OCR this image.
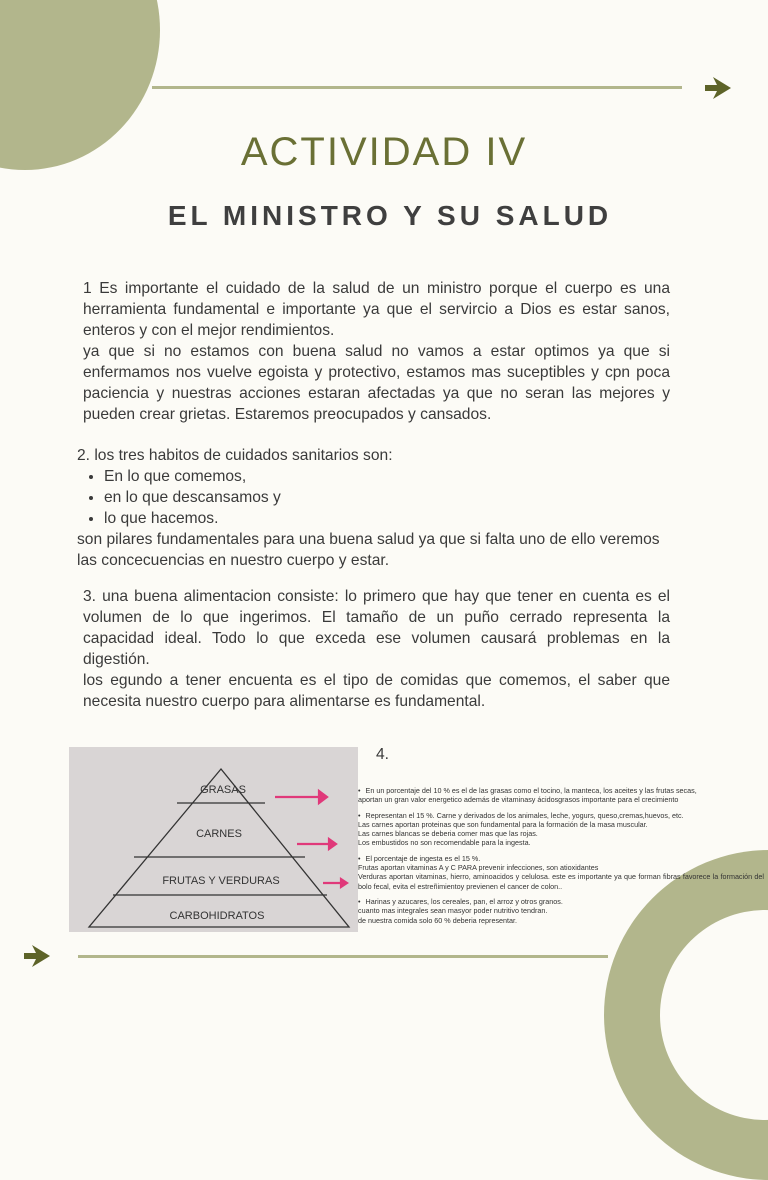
ACTIVIDAD IV
EL MINISTRO Y SU SALUD
1 Es importante el cuidado de la salud de un ministro porque el cuerpo es una herramienta fundamental e importante ya que el servircio a Dios es estar sanos, enteros y con el mejor rendimientos.
ya que si no estamos con buena salud no vamos a estar optimos ya que si enfermamos nos vuelve egoista y protectivo, estamos mas suceptibles y cpn poca paciencia y nuestras acciones estaran afectadas ya que no seran las mejores y pueden crear grietas. Estaremos preocupados y cansados.

2. los tres habitos de cuidados sanitarios son:

• En lo que comemos,
• en lo que descansamos y
• lo que hacemos.

son pilares fundamentales para una buena salud ya que si falta uno de ello veremos las concecuencias en nuestro cuerpo y estar.

3. una buena alimentacion consiste: lo primero que hay que tener en cuenta es el volumen de lo que ingerimos. El tamaño de un puño cerrado representa la capacidad ideal. Todo lo que exceda ese volumen causará problemas en la digestión.
los egundo a tener encuenta es el tipo de comidas que comemos, el saber que necesita nuestro cuerpo para alimentarse es fundamental.
GRASAS
CARNES
FRUTAS Y VERDURAS
CARBOHIDRATOS
4.
• En un porcentaje del 10 % es el de las grasas como el tocino, la manteca, los aceites y las frutas secas,
aportan un gran valor energetico además de vitaminasy ácidosgrasos importante para el crecimiento
• Representan el 15 %. Carne y derivados de los animales, leche, yogurs, queso,cremas,huevos, etc.
Las carnes aportan proteinas que son fundamental para la formación de la masa muscular.
Las carnes blancas se deberia comer mas que las rojas.
Los embustidos no son recomendable para la ingesta.
• El porcentaje de ingesta es el 15 %.
Frutas aportan vitaminas A y C PARA prevenir infecciones, son atioxidantes
Verduras aportan vitaminas, hierro, aminoacidos y celulosa. este es importante ya que forman fibras favorece la formación del bolo fecal, evita el estreñimientoy previenen el cancer de colon..
• Harinas y azucares, los cereales, pan, el arroz y otros granos.
cuanto mas integrales sean masyor poder nutritivo tendran.
de nuestra comida solo 60 % deberia representar.
